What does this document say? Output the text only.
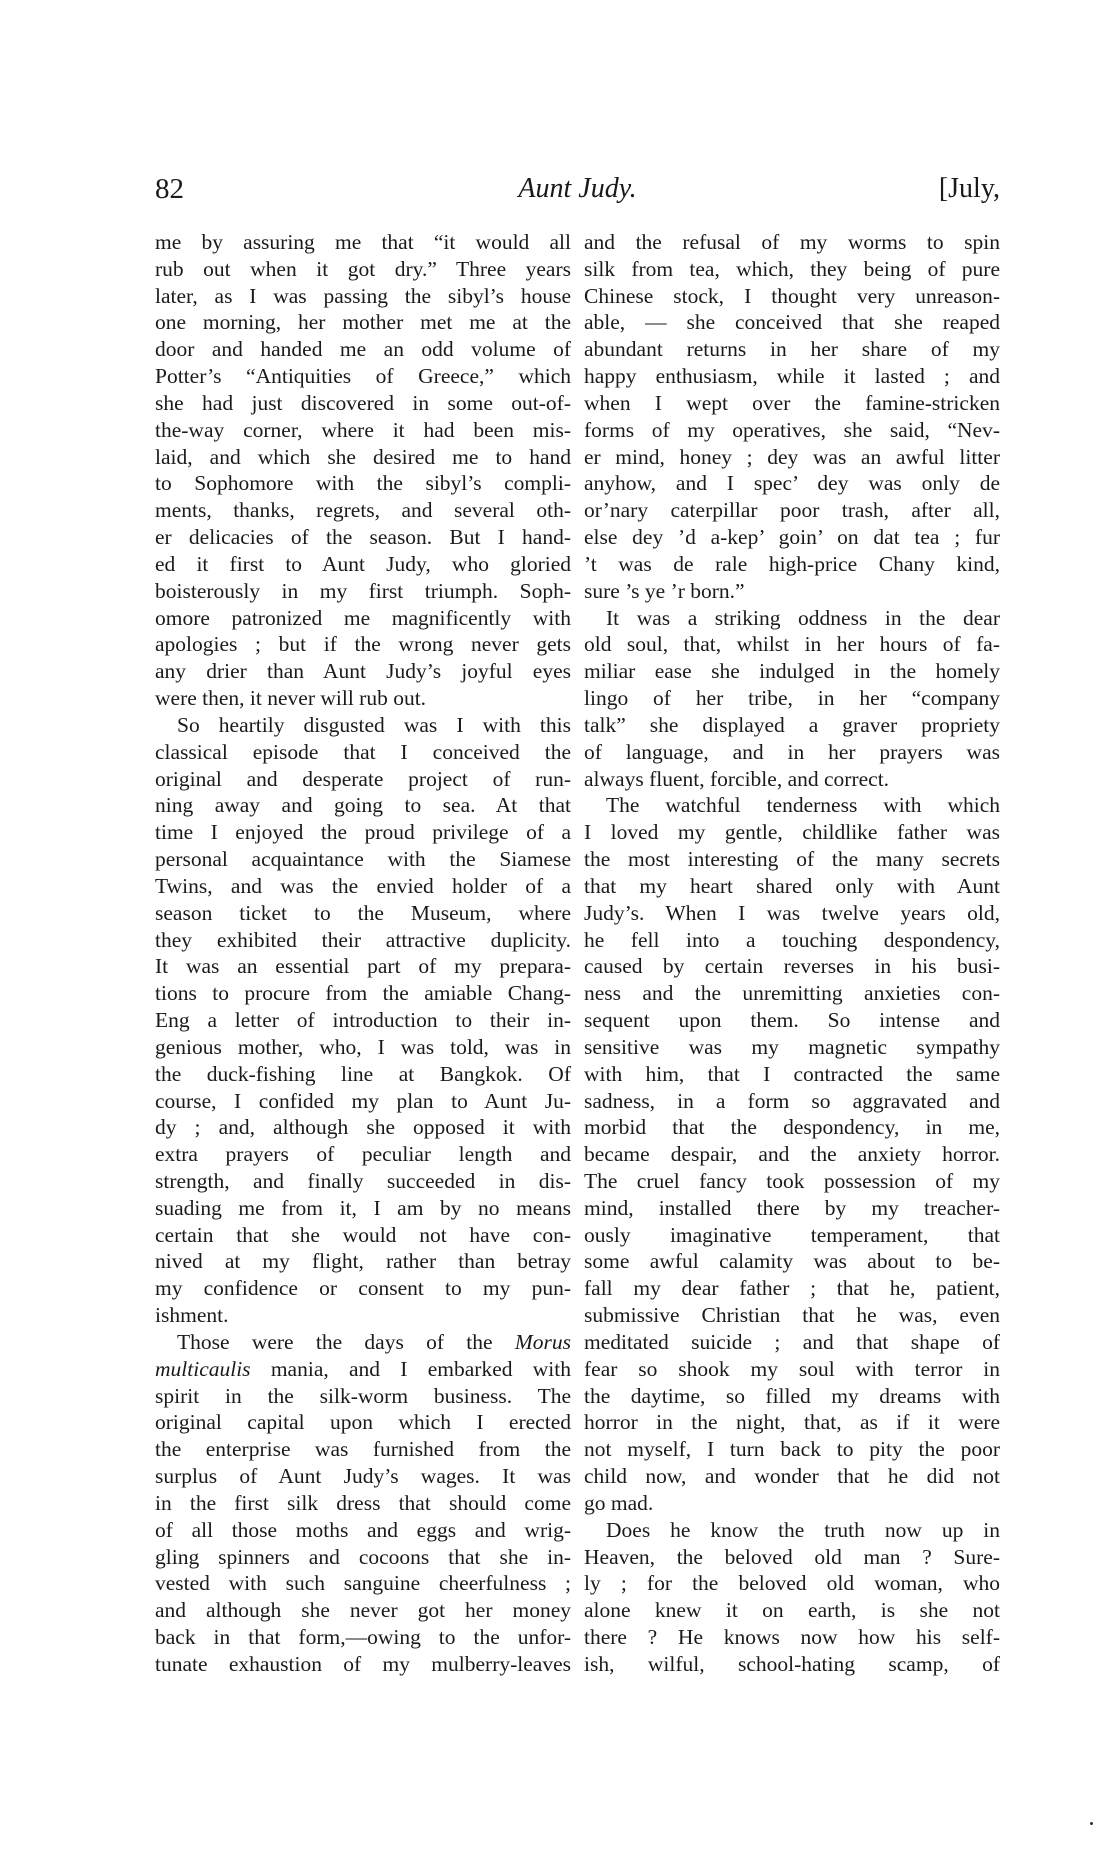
82	Aunt Judy.	[July,
me by assuring me that “it would all
rub out when it got dry.” Three years
later, as I was passing the sibyl’s house
one morning, her mother met me at the
door and handed me an odd volume of
Potter’s “Antiquities of Greece,” which
she had just discovered in some out-of-
the-way corner, where it had been mis-
laid, and which she desired me to hand
to Sophomore with the sibyl’s compli-
ments, thanks, regrets, and several oth-
er delicacies of the season. But I hand-
ed it first to Aunt Judy, who gloried
boisterously in my first triumph. Soph-
omore patronized me magnificently with
apologies ; but if the wrong never gets
any drier than Aunt Judy’s joyful eyes
were then, it never will rub out.
So heartily disgusted was I with this
classical episode that I conceived the
original and desperate project of run-
ning away and going to sea. At that
time I enjoyed the proud privilege of a
personal acquaintance with the Siamese
Twins, and was the envied holder of a
season ticket to the Museum, where
they exhibited their attractive duplicity.
It was an essential part of my prepara-
tions to procure from the amiable Chang-
Eng a letter of introduction to their in-
genious mother, who, I was told, was in
the duck-fishing line at Bangkok. Of
course, I confided my plan to Aunt Ju-
dy ; and, although she opposed it with
extra prayers of peculiar length and
strength, and finally succeeded in dis-
suading me from it, I am by no means
certain that she would not have con-
nived at my flight, rather than betray
my confidence or consent to my pun-
ishment.
Those were the days of the Morus
multicaulis mania, and I embarked with
spirit in the silk-worm business. The
original capital upon which I erected
the enterprise was furnished from the
surplus of Aunt Judy’s wages. It was
in the first silk dress that should come
of all those moths and eggs and wrig-
gling spinners and cocoons that she in-
vested with such sanguine cheerfulness ;
and although she never got her money
back in that form,—owing to the unfor-
tunate exhaustion of my mulberry-leaves
and the refusal of my worms to spin
silk from tea, which, they being of pure
Chinese stock, I thought very unreason-
able, — she conceived that she reaped
abundant returns in her share of my
happy enthusiasm, while it lasted ; and
when I wept over the famine-stricken
forms of my operatives, she said, “Nev-
er mind, honey ; dey was an awful litter
anyhow, and I spec’ dey was only de
or’nary caterpillar poor trash, after all,
else dey ’d a-kep’ goin’ on dat tea ; fur
’t was de rale high-price Chany kind,
sure ’s ye ’r born.”
It was a striking oddness in the dear
old soul, that, whilst in her hours of fa-
miliar ease she indulged in the homely
lingo of her tribe, in her “company
talk” she displayed a graver propriety
of language, and in her prayers was
always fluent, forcible, and correct.
The watchful tenderness with which
I loved my gentle, childlike father was
the most interesting of the many secrets
that my heart shared only with Aunt
Judy’s. When I was twelve years old,
he fell into a touching despondency,
caused by certain reverses in his busi-
ness and the unremitting anxieties con-
sequent upon them. So intense and
sensitive was my magnetic sympathy
with him, that I contracted the same
sadness, in a form so aggravated and
morbid that the despondency, in me,
became despair, and the anxiety horror.
The cruel fancy took possession of my
mind, installed there by my treacher-
ously imaginative temperament, that
some awful calamity was about to be-
fall my dear father ; that he, patient,
submissive Christian that he was, even
meditated suicide ; and that shape of
fear so shook my soul with terror in
the daytime, so filled my dreams with
horror in the night, that, as if it were
not myself, I turn back to pity the poor
child now, and wonder that he did not
go mad.
Does he know the truth now up in
Heaven, the beloved old man ? Sure-
ly ; for the beloved old woman, who
alone knew it on earth, is she not
there ? He knows now how his self-
ish, wilful, school-hating scamp, of
